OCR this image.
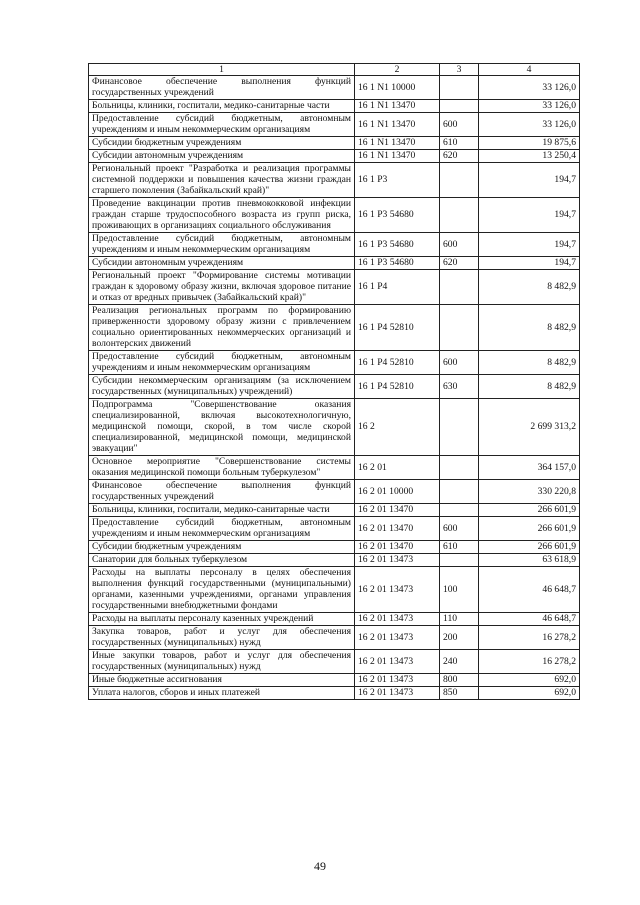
1	2	3	4
Финансовое обеспечение выполнения функций государственных учреждений	16 1 N1 10000		33 126,0
Больницы, клиники, госпитали, медико-санитарные части	16 1 N1 13470		33 126,0
Предоставление субсидий бюджетным, автономным учреждениям и иным некоммерческим организациям	16 1 N1 13470	600	33 126,0
Субсидии бюджетным учреждениям	16 1 N1 13470	610	19 875,6
Субсидии автономным учреждениям	16 1 N1 13470	620	13 250,4
Региональный проект "Разработка и реализация программы системной поддержки и повышения качества жизни граждан старшего поколения (Забайкальский край)"	16 1 P3		194,7
Проведение вакцинации против пневмококковой инфекции граждан старше трудоспособного возраста из групп риска, проживающих в организациях социального обслуживания	16 1 P3 54680		194,7
Предоставление субсидий бюджетным, автономным учреждениям и иным некоммерческим организациям	16 1 P3 54680	600	194,7
Субсидии автономным учреждениям	16 1 P3 54680	620	194,7
Региональный проект "Формирование системы мотивации граждан к здоровому образу жизни, включая здоровое питание и отказ от вредных привычек (Забайкальский край)"	16 1 P4		8 482,9
Реализация региональных программ по формированию приверженности здоровому образу жизни с привлечением социально ориентированных некоммерческих организаций и волонтерских движений	16 1 P4 52810		8 482,9
Предоставление субсидий бюджетным, автономным учреждениям и иным некоммерческим организациям	16 1 P4 52810	600	8 482,9
Субсидии некоммерческим организациям (за исключением государственных (муниципальных) учреждений)	16 1 P4 52810	630	8 482,9
Подпрограмма "Совершенствование оказания специализированной, включая высокотехнологичную, медицинской помощи, скорой, в том числе скорой специализированной, медицинской помощи, медицинской эвакуации"	16 2		2 699 313,2
Основное мероприятие "Совершенствование системы оказания медицинской помощи больным туберкулезом"	16 2 01		364 157,0
Финансовое обеспечение выполнения функций государственных учреждений	16 2 01 10000		330 220,8
Больницы, клиники, госпитали, медико-санитарные части	16 2 01 13470		266 601,9
Предоставление субсидий бюджетным, автономным учреждениям и иным некоммерческим организациям	16 2 01 13470	600	266 601,9
Субсидии бюджетным учреждениям	16 2 01 13470	610	266 601,9
Санатории для больных туберкулезом	16 2 01 13473		63 618,9
Расходы на выплаты персоналу в целях обеспечения выполнения функций государственными (муниципальными) органами, казенными учреждениями, органами управления государственными внебюджетными фондами	16 2 01 13473	100	46 648,7
Расходы на выплаты персоналу казенных учреждений	16 2 01 13473	110	46 648,7
Закупка товаров, работ и услуг для обеспечения государственных (муниципальных) нужд	16 2 01 13473	200	16 278,2
Иные закупки товаров, работ и услуг для обеспечения государственных (муниципальных) нужд	16 2 01 13473	240	16 278,2
Иные бюджетные ассигнования	16 2 01 13473	800	692,0
Уплата налогов, сборов и иных платежей	16 2 01 13473	850	692,0
49
